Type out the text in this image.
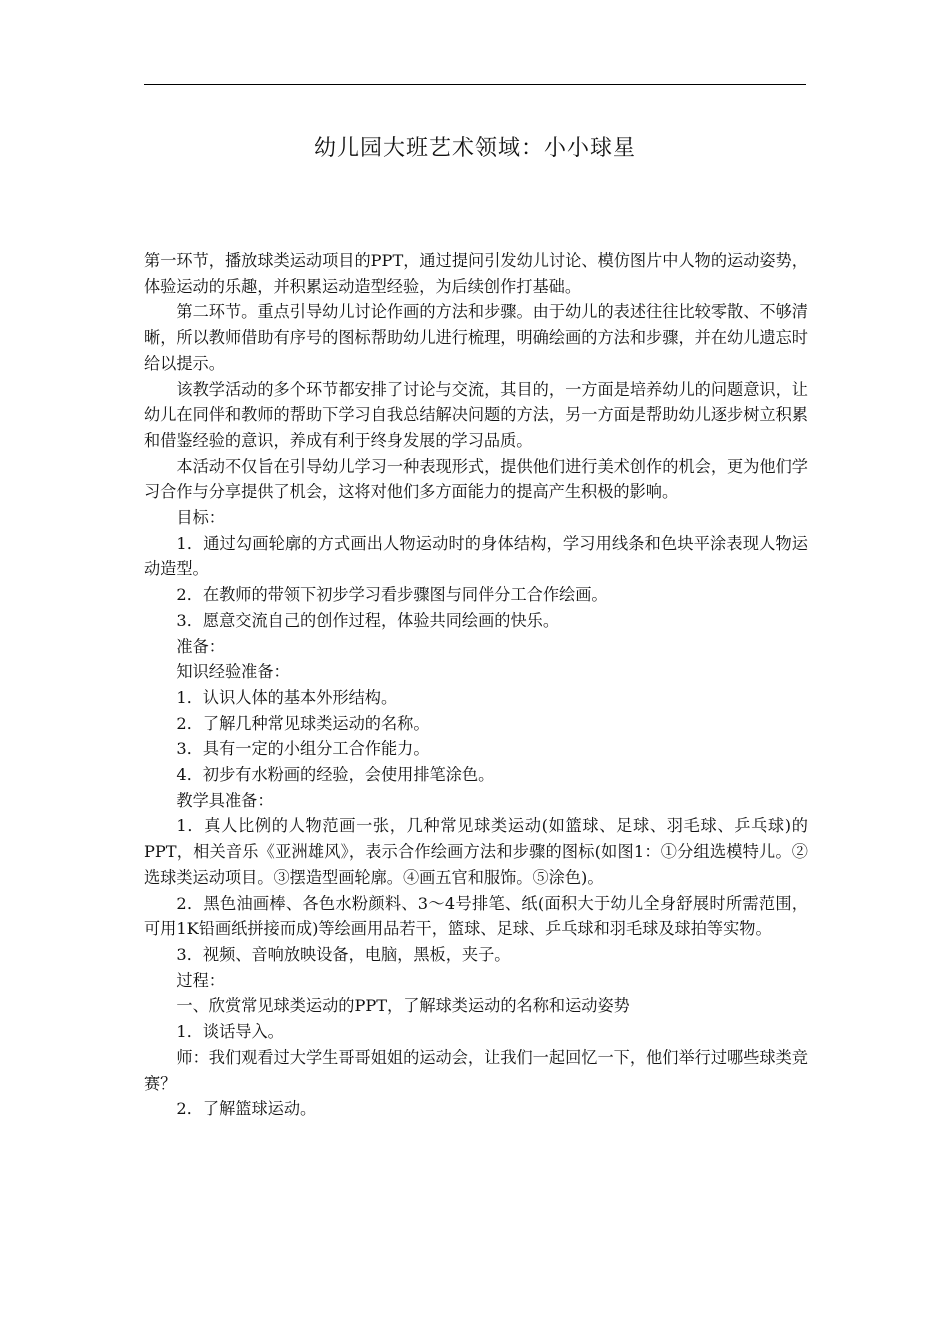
幼儿园大班艺术领域：小小球星

第一环节，播放球类运动项目的PPT，通过提问引发幼儿讨论、模仿图片中人物的运动姿势，体验运动的乐趣，并积累运动造型经验，为后续创作打基础。

第二环节。重点引导幼儿讨论作画的方法和步骤。由于幼儿的表述往往比较零散、不够清晰，所以教师借助有序号的图标帮助幼儿进行梳理，明确绘画的方法和步骤，并在幼儿遗忘时给以提示。

该教学活动的多个环节都安排了讨论与交流，其目的，一方面是培养幼儿的问题意识，让幼儿在同伴和教师的帮助下学习自我总结解决问题的方法，另一方面是帮助幼儿逐步树立积累和借鉴经验的意识，养成有利于终身发展的学习品质。

本活动不仅旨在引导幼儿学习一种表现形式，提供他们进行美术创作的机会，更为他们学习合作与分享提供了机会，这将对他们多方面能力的提高产生积极的影响。

目标：

1．通过勾画轮廓的方式画出人物运动时的身体结构，学习用线条和色块平涂表现人物运动造型。

2．在教师的带领下初步学习看步骤图与同伴分工合作绘画。

3．愿意交流自己的创作过程，体验共同绘画的快乐。

准备：

知识经验准备：

1．认识人体的基本外形结构。

2．了解几种常见球类运动的名称。

3．具有一定的小组分工合作能力。

4．初步有水粉画的经验，会使用排笔涂色。

教学具准备：

1．真人比例的人物范画一张，几种常见球类运动(如篮球、足球、羽毛球、乒乓球)的PPT，相关音乐《亚洲雄风》，表示合作绘画方法和步骤的图标(如图1：①分组选模特儿。②选球类运动项目。③摆造型画轮廓。④画五官和服饰。⑤涂色)。

2．黑色油画棒、各色水粉颜料、3～4号排笔、纸(面积大于幼儿全身舒展时所需范围，可用1K铅画纸拼接而成)等绘画用品若干，篮球、足球、乒乓球和羽毛球及球拍等实物。

3．视频、音响放映设备，电脑，黑板，夹子。

过程：

一、欣赏常见球类运动的PPT，了解球类运动的名称和运动姿势

1．谈话导入。

师：我们观看过大学生哥哥姐姐的运动会，让我们一起回忆一下，他们举行过哪些球类竞赛？

2．了解篮球运动。
